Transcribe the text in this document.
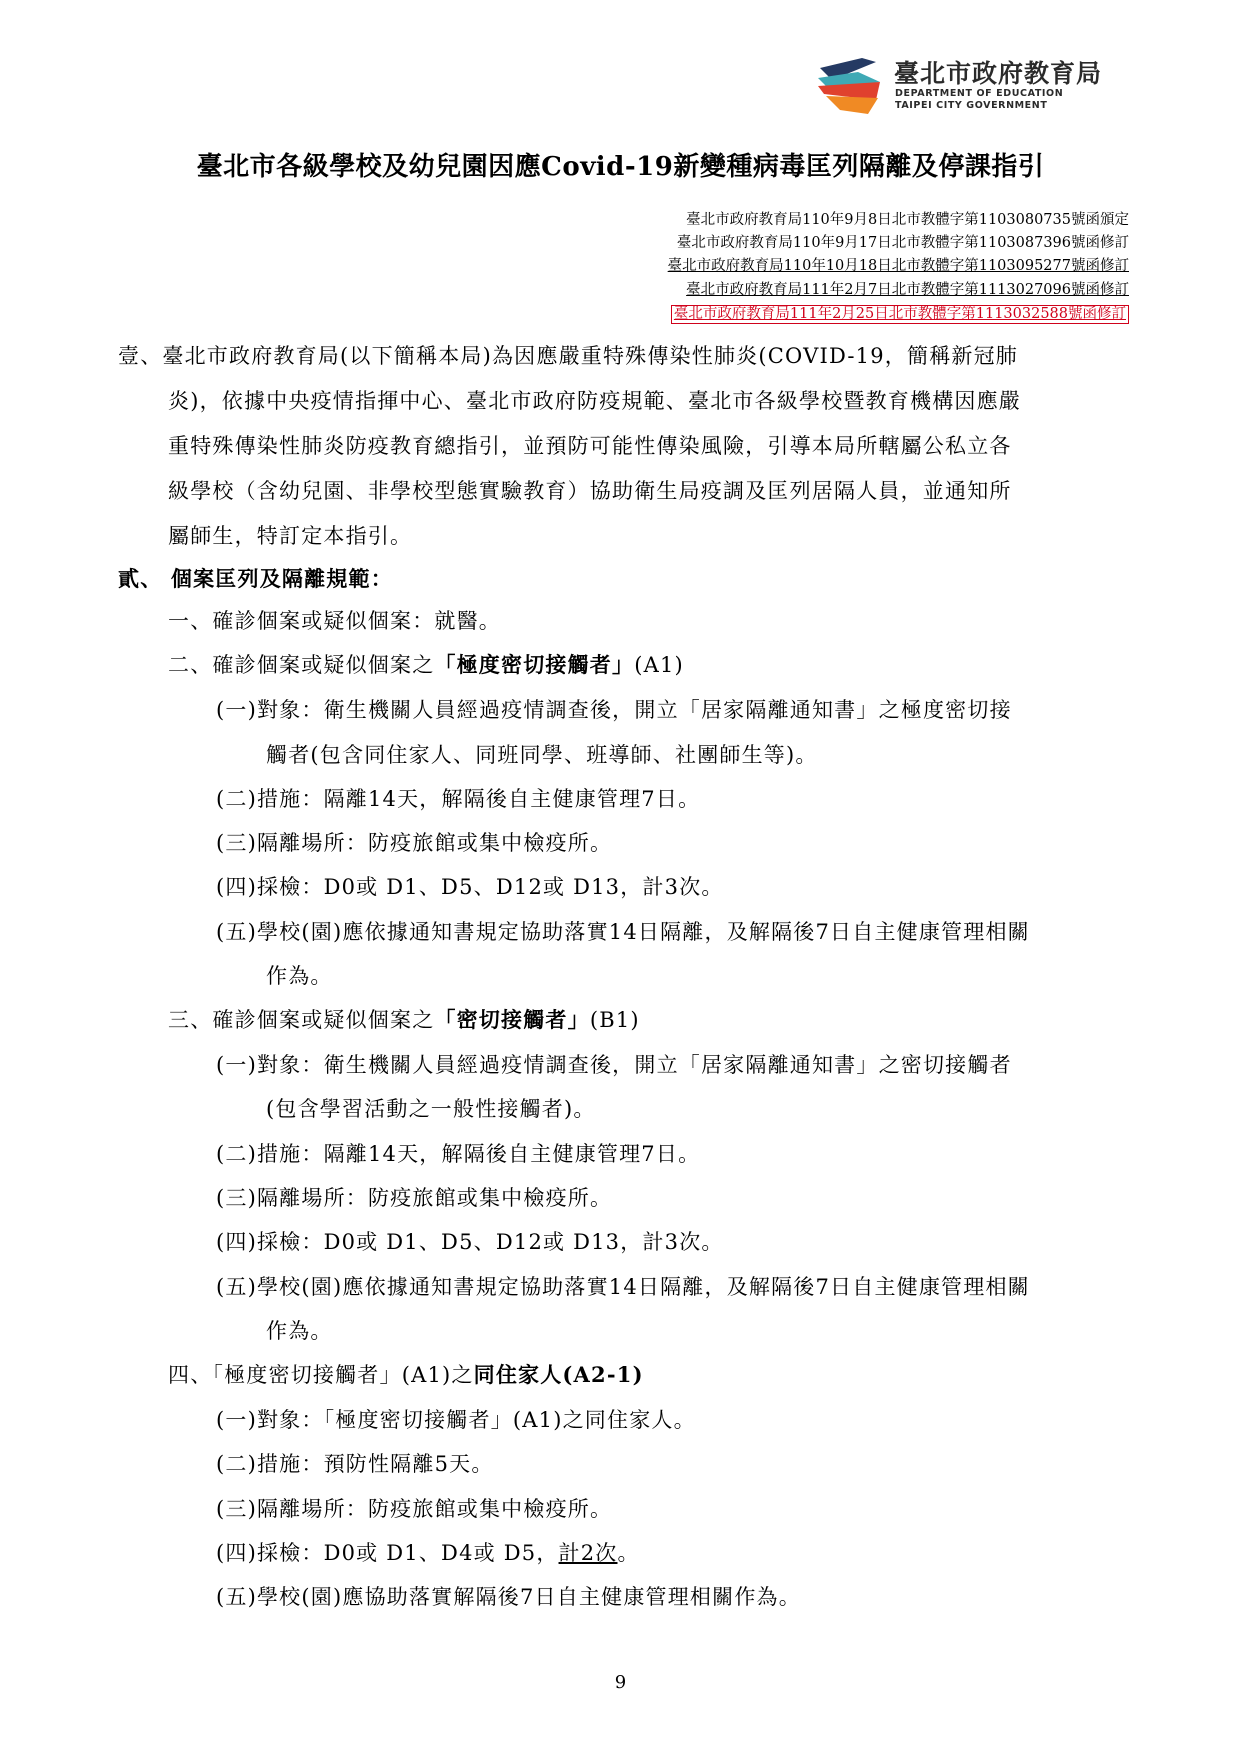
臺北市政府教育局
DEPARTMENT OF EDUCATION
TAIPEI CITY GOVERNMENT
臺北市各級學校及幼兒園因應Covid-19新變種病毒匡列隔離及停課指引
臺北市政府教育局110年9月8日北市教體字第1103080735號函頒定
臺北市政府教育局110年9月17日北市教體字第1103087396號函修訂
臺北市政府教育局110年10月18日北市教體字第1103095277號函修訂
臺北市政府教育局111年2月7日北市教體字第1113027096號函修訂
臺北市政府教育局111年2月25日北市教體字第1113032588號函修訂
壹、臺北市政府教育局(以下簡稱本局)為因應嚴重特殊傳染性肺炎(COVID-19，簡稱新冠肺
炎)，依據中央疫情指揮中心、臺北市政府防疫規範、臺北市各級學校暨教育機構因應嚴
重特殊傳染性肺炎防疫教育總指引，並預防可能性傳染風險，引導本局所轄屬公私立各
級學校（含幼兒園、非學校型態實驗教育）協助衛生局疫調及匡列居隔人員，並通知所
屬師生，特訂定本指引。
貳、 個案匡列及隔離規範：
一、確診個案或疑似個案：就醫。
二、確診個案或疑似個案之「極度密切接觸者」(A1)
(一)對象：衛生機關人員經過疫情調查後，開立「居家隔離通知書」之極度密切接
觸者(包含同住家人、同班同學、班導師、社團師生等)。
(二)措施：隔離14天，解隔後自主健康管理7日。
(三)隔離場所：防疫旅館或集中檢疫所。
(四)採檢：D0或 D1、D5、D12或 D13，計3次。
(五)學校(園)應依據通知書規定協助落實14日隔離，及解隔後7日自主健康管理相關
作為。
三、確診個案或疑似個案之「密切接觸者」(B1)
(一)對象：衛生機關人員經過疫情調查後，開立「居家隔離通知書」之密切接觸者
(包含學習活動之一般性接觸者)。
(二)措施：隔離14天，解隔後自主健康管理7日。
(三)隔離場所：防疫旅館或集中檢疫所。
(四)採檢：D0或 D1、D5、D12或 D13，計3次。
(五)學校(園)應依據通知書規定協助落實14日隔離，及解隔後7日自主健康管理相關
作為。
四、「極度密切接觸者」(A1)之同住家人(A2-1)
(一)對象：「極度密切接觸者」(A1)之同住家人。
(二)措施：預防性隔離5天。
(三)隔離場所：防疫旅館或集中檢疫所。
(四)採檢：D0或 D1、D4或 D5，計2次。
(五)學校(園)應協助落實解隔後7日自主健康管理相關作為。
9
